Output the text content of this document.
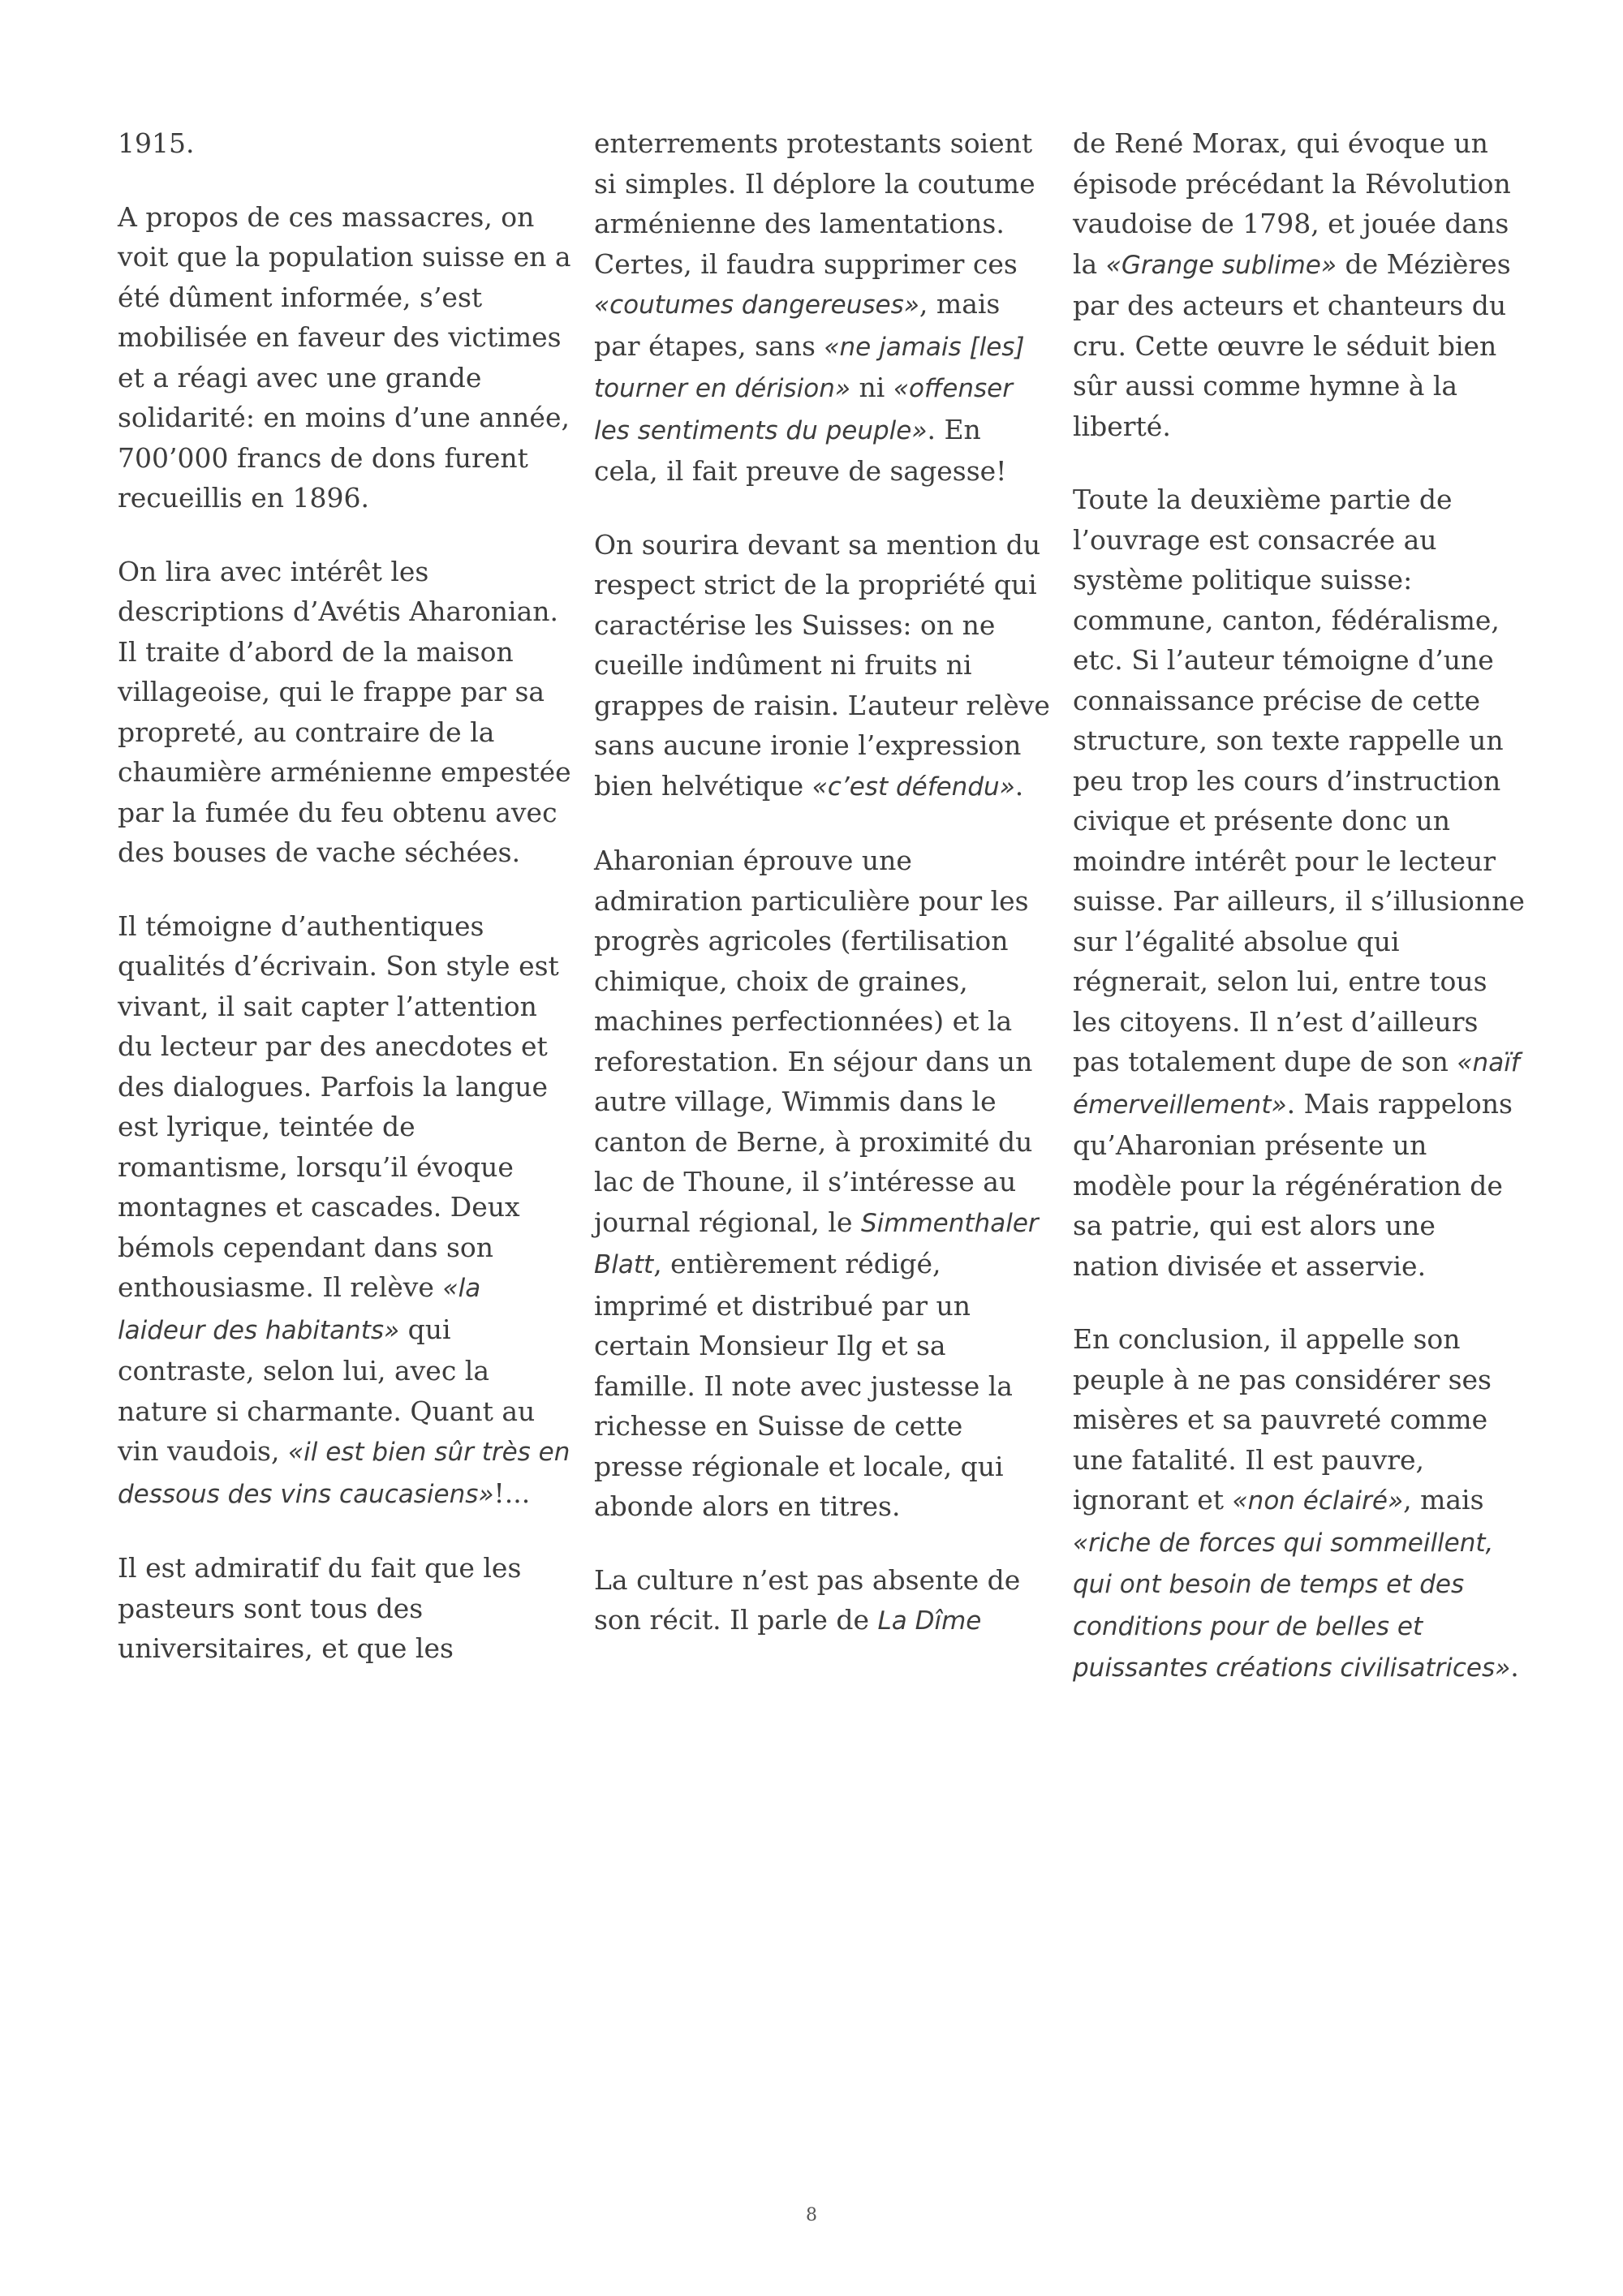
1915.

A propos de ces massacres, on voit que la population suisse en a été dûment informée, s’est mobilisée en faveur des victimes et a réagi avec une grande solidarité: en moins d’une année, 700’000 francs de dons furent recueillis en 1896.

On lira avec intérêt les descriptions d’Avétis Aharonian. Il traite d’abord de la maison villageoise, qui le frappe par sa propreté, au contraire de la chaumière arménienne empestée par la fumée du feu obtenu avec des bouses de vache séchées.

Il témoigne d’authentiques qualités d’écrivain. Son style est vivant, il sait capter l’attention du lecteur par des anecdotes et des dialogues. Parfois la langue est lyrique, teintée de romantisme, lorsqu’il évoque montagnes et cascades. Deux bémols cependant dans son enthousiasme. Il relève «la laideur des habitants» qui contraste, selon lui, avec la nature si charmante. Quant au vin vaudois, «il est bien sûr très en dessous des vins caucasiens»!...

Il est admiratif du fait que les pasteurs sont tous des universitaires, et que les

enterrements protestants soient si simples. Il déplore la coutume arménienne des lamentations. Certes, il faudra supprimer ces «coutumes dangereuses», mais par étapes, sans «ne jamais [les] tourner en dérision» ni «offenser les sentiments du peuple». En cela, il fait preuve de sagesse!

On sourira devant sa mention du respect strict de la propriété qui caractérise les Suisses: on ne cueille indûment ni fruits ni grappes de raisin. L’auteur relève sans aucune ironie l’expression bien helvétique «c’est défendu».

Aharonian éprouve une admiration particulière pour les progrès agricoles (fertilisation chimique, choix de graines, machines perfectionnées) et la reforestation. En séjour dans un autre village, Wimmis dans le canton de Berne, à proximité du lac de Thoune, il s’intéresse au journal régional, le Simmenthaler Blatt, entièrement rédigé, imprimé et distribué par un certain Monsieur Ilg et sa famille. Il note avec justesse la richesse en Suisse de cette presse régionale et locale, qui abonde alors en titres.

La culture n’est pas absente de son récit. Il parle de La Dîme

de René Morax, qui évoque un épisode précédant la Révolution vaudoise de 1798, et jouée dans la «Grange sublime» de Mézières par des acteurs et chanteurs du cru. Cette œuvre le séduit bien sûr aussi comme hymne à la liberté.

Toute la deuxième partie de l’ouvrage est consacrée au système politique suisse: commune, canton, fédéralisme, etc. Si l’auteur témoigne d’une connaissance précise de cette structure, son texte rappelle un peu trop les cours d’instruction civique et présente donc un moindre intérêt pour le lecteur suisse. Par ailleurs, il s’illusionne sur l’égalité absolue qui régnerait, selon lui, entre tous les citoyens. Il n’est d’ailleurs pas totalement dupe de son «naïf émerveillement». Mais rappelons qu’Aharonian présente un modèle pour la régénération de sa patrie, qui est alors une nation divisée et asservie.

En conclusion, il appelle son peuple à ne pas considérer ses misères et sa pauvreté comme une fatalité. Il est pauvre, ignorant et «non éclairé», mais «riche de forces qui sommeillent, qui ont besoin de temps et des conditions pour de belles et puissantes créations civilisatrices».

8
